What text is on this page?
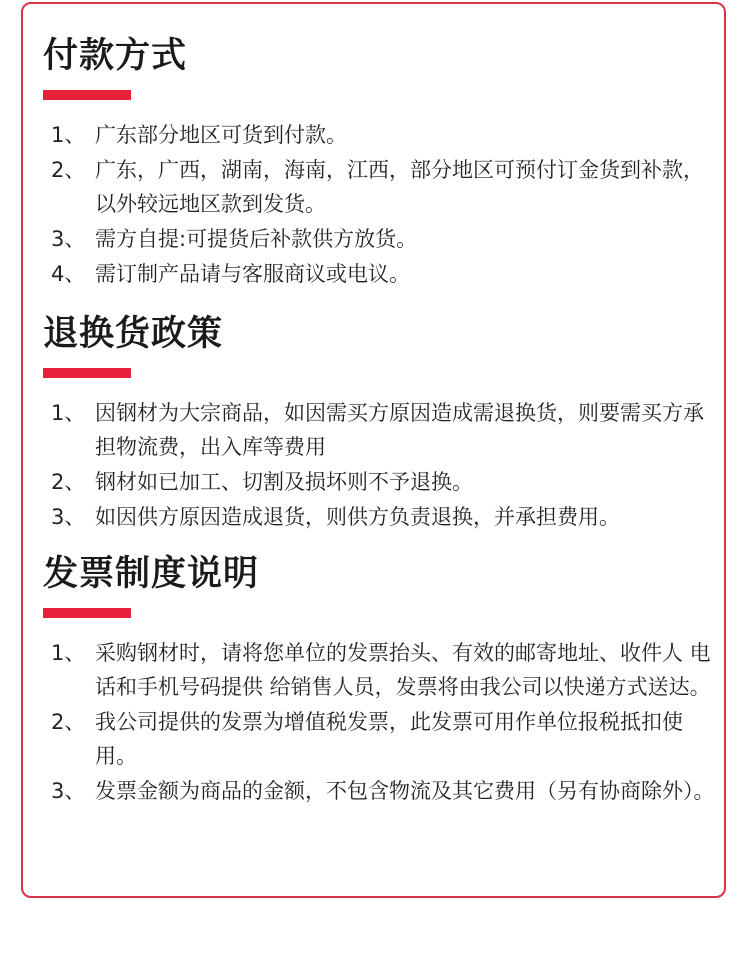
付款方式
1、 广东部分地区可货到付款。
2、 广东，广西，湖南，海南，江西，部分地区可预付订金货到补款，以外较远地区款到发货。
3、 需方自提:可提货后补款供方放货。
4、 需订制产品请与客服商议或电议。
退换货政策
1、 因钢材为大宗商品，如因需买方原因造成需退换货，则要需买方承担物流费，出入库等费用
2、 钢材如已加工、切割及损坏则不予退换。
3、 如因供方原因造成退货，则供方负责退换，并承担费用。
发票制度说明
1、 采购钢材时，请将您单位的发票抬头、有效的邮寄地址、收件人 电话和手机号码提供 给销售人员，发票将由我公司以快递方式送达。
2、 我公司提供的发票为增值税发票，此发票可用作单位报税抵扣使用。
3、 发票金额为商品的金额，不包含物流及其它费用（另有协商除外）。
